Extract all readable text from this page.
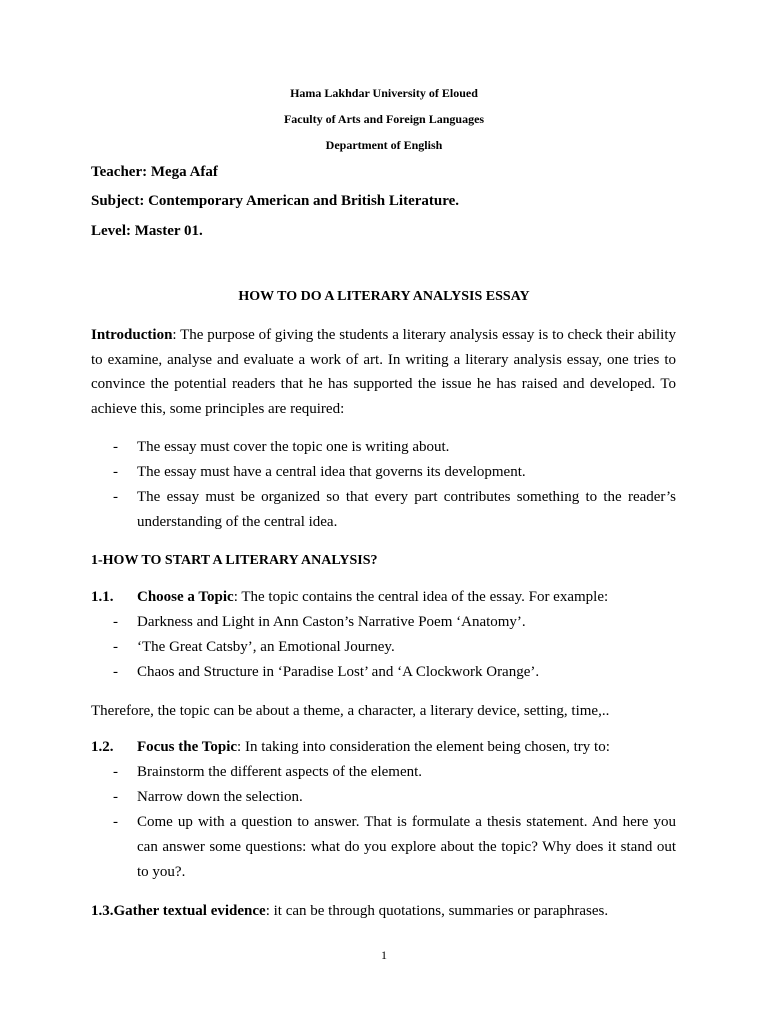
Hama Lakhdar University of Eloued
Faculty of Arts and Foreign Languages
Department of English
Teacher: Mega Afaf
Subject: Contemporary American and British Literature.
Level: Master 01.
HOW TO DO A LITERARY ANALYSIS ESSAY
Introduction: The purpose of giving the students a literary analysis essay is to check their ability to examine, analyse and evaluate a work of art. In writing a literary analysis essay, one tries to convince the potential readers that he has supported the issue he has raised and developed. To achieve this, some principles are required:
- The essay must cover the topic one is writing about.
- The essay must have a central idea that governs its development.
- The essay must be organized so that every part contributes something to the reader’s understanding of the central idea.
1-HOW TO START A LITERARY ANALYSIS?
1.1. Choose a Topic: The topic contains the central idea of the essay. For example:
- Darkness and Light in Ann Caston’s Narrative Poem ‘Anatomy’.
- ‘The Great Catsby’, an Emotional Journey.
- Chaos and Structure in ‘Paradise Lost’ and ‘A Clockwork Orange’.
Therefore, the topic can be about a theme, a character, a literary device, setting, time,..
1.2. Focus the Topic: In taking into consideration the element being chosen, try to:
- Brainstorm the different aspects of the element.
- Narrow down the selection.
- Come up with a question to answer. That is formulate a thesis statement. And here you can answer some questions: what do you explore about the topic? Why does it stand out to you?.
1.3.Gather textual evidence: it can be through quotations, summaries or paraphrases.
1
